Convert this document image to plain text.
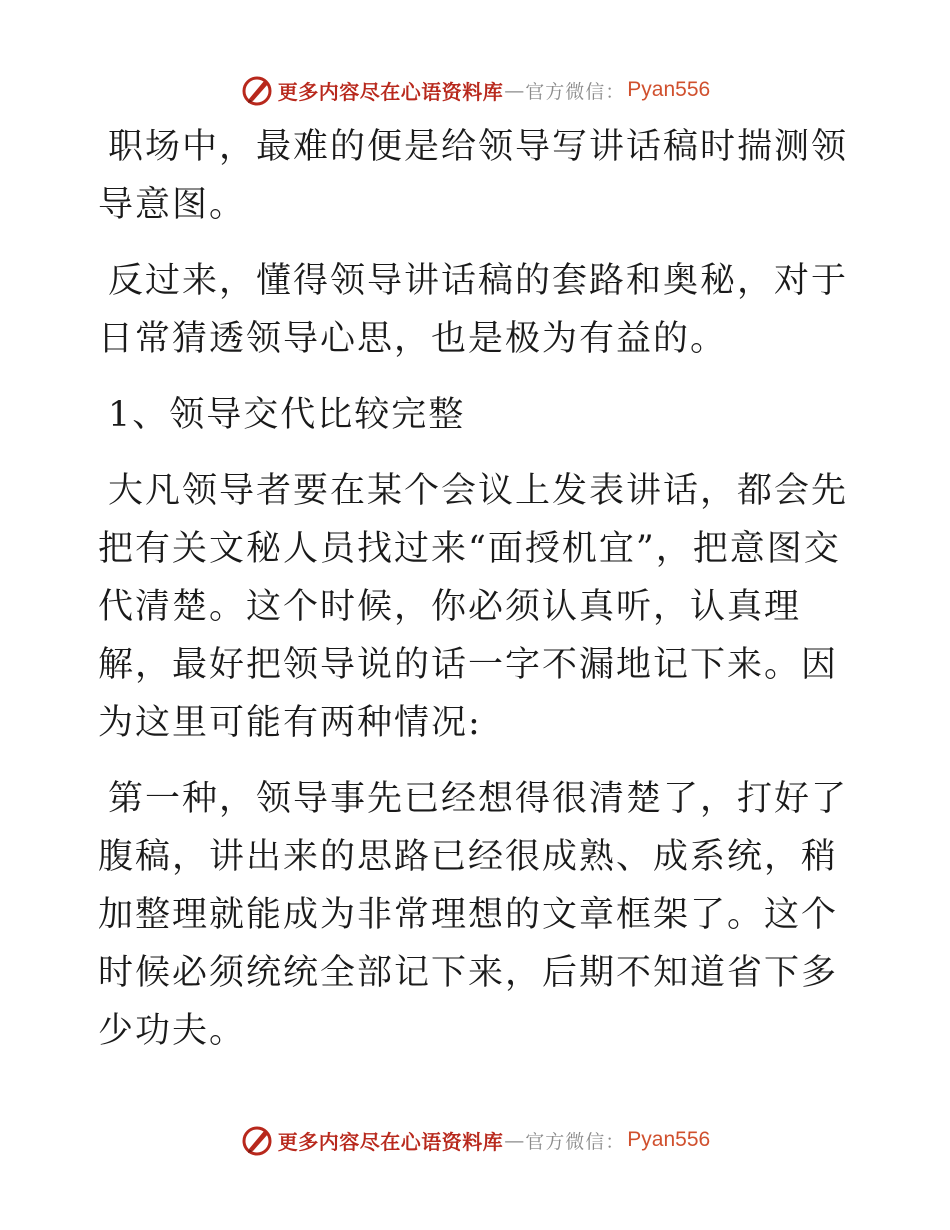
更多内容尽在心语资料库 — 官方微信： Pyan556

职场中，最难的便是给领导写讲话稿时揣测领导意图。

反过来，懂得领导讲话稿的套路和奥秘，对于日常猜透领导心思，也是极为有益的。

1、领导交代比较完整

大凡领导者要在某个会议上发表讲话，都会先把有关文秘人员找过来“面授机宜”，把意图交代清楚。这个时候，你必须认真听，认真理解，最好把领导说的话一字不漏地记下来。因为这里可能有两种情况:

第一种，领导事先已经想得很清楚了，打好了腹稿，讲出来的思路已经很成熟、成系统，稍加整理就能成为非常理想的文章框架了。这个时候必须统统全部记下来，后期不知道省下多少功夫。

更多内容尽在心语资料库 — 官方微信： Pyan556
